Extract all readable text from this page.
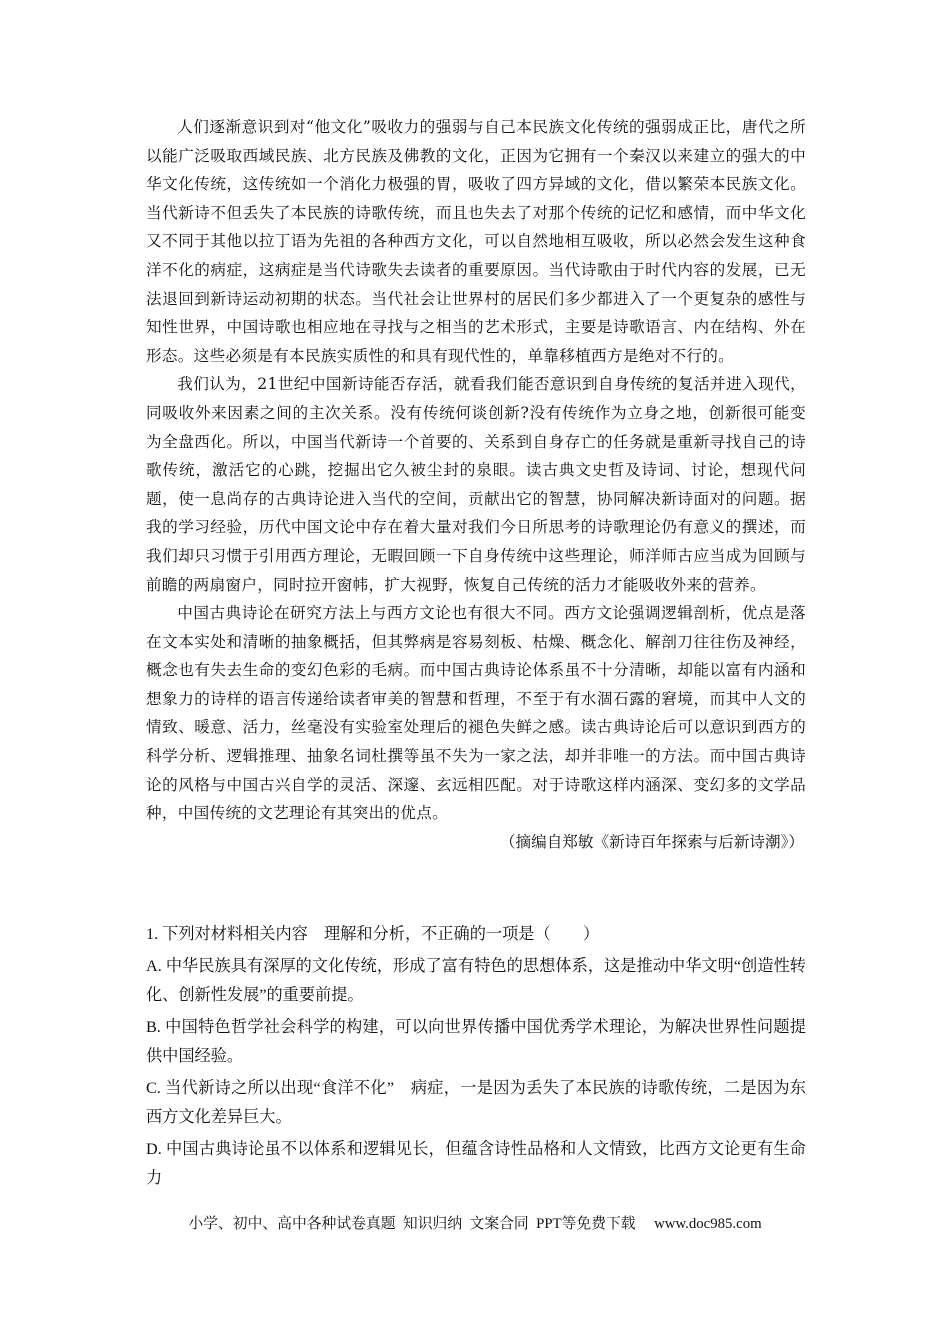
人们逐渐意识到对“他文化”吸收力的强弱与自己本民族文化传统的强弱成正比，唐代之所以能广泛吸取西域民族、北方民族及佛教的文化，正因为它拥有一个秦汉以来建立的强大的中华文化传统，这传统如一个消化力极强的胃，吸收了四方异域的文化，借以繁荣本民族文化。当代新诗不但丢失了本民族的诗歌传统，而且也失去了对那个传统的记忆和感情，而中华文化又不同于其他以拉丁语为先祖的各种西方文化，可以自然地相互吸收，所以必然会发生这种食洋不化的病症，这病症是当代诗歌失去读者的重要原因。当代诗歌由于时代内容的发展，已无法退回到新诗运动初期的状态。当代社会让世界村的居民们多少都进入了一个更复杂的感性与知性世界，中国诗歌也相应地在寻找与之相当的艺术形式，主要是诗歌语言、内在结构、外在形态。这些必须是有本民族实质性的和具有现代性的，单靠移植西方是绝对不行的。

我们认为，21世纪中国新诗能否存活，就看我们能否意识到自身传统的复活并进入现代，同吸收外来因素之间的主次关系。没有传统何谈创新?没有传统作为立身之地，创新很可能变为全盘西化。所以，中国当代新诗一个首要的、关系到自身存亡的任务就是重新寻找自己的诗歌传统，激活它的心跳，挖掘出它久被尘封的泉眼。读古典文史哲及诗词、讨论，想现代问题，使一息尚存的古典诗论进入当代的空间，贡献出它的智慧，协同解决新诗面对的问题。据我的学习经验，历代中国文论中存在着大量对我们今日所思考的诗歌理论仍有意义的撰述，而我们却只习惯于引用西方理论，无暇回顾一下自身传统中这些理论，师洋师古应当成为回顾与前瞻的两扇窗户，同时拉开窗帏，扩大视野，恢复自己传统的活力才能吸收外来的营养。

中国古典诗论在研究方法上与西方文论也有很大不同。西方文论强调逻辑剖析，优点是落在文本实处和清晰的抽象概括，但其弊病是容易刻板、枯燥、概念化、解剖刀往往伤及神经，概念也有失去生命的变幻色彩的毛病。而中国古典诗论体系虽不十分清晰，却能以富有内涵和想象力的诗样的语言传递给读者审美的智慧和哲理，不至于有水涸石露的窘境，而其中人文的情致、暖意、活力，丝毫没有实验室处理后的褪色失鲜之感。读古典诗论后可以意识到西方的科学分析、逻辑推理、抽象名词杜撰等虽不失为一家之法，却并非唯一的方法。而中国古典诗论的风格与中国古兴自学的灵活、深邃、玄远相匹配。对于诗歌这样内涵深、变幻多的文学品种，中国传统的文艺理论有其突出的优点。

（摘编自郑敏《新诗百年探索与后新诗潮》）

1. 下列对材料相关内容　理解和分析，不正确的一项是（　　）

A. 中华民族具有深厚的文化传统，形成了富有特色的思想体系，这是推动中华文明“创造性转化、创新性发展”的重要前提。

B. 中国特色哲学社会科学的构建，可以向世界传播中国优秀学术理论，为解决世界性问题提供中国经验。

C. 当代新诗之所以出现“食洋不化”　病症，一是因为丢失了本民族的诗歌传统，二是因为东西方文化差异巨大。

D. 中国古典诗论虽不以体系和逻辑见长，但蕴含诗性品格和人文情致，比西方文论更有生命力

小学、初中、高中各种试卷真题  知识归纳  文案合同  PPT等免费下载     www.doc985.com
